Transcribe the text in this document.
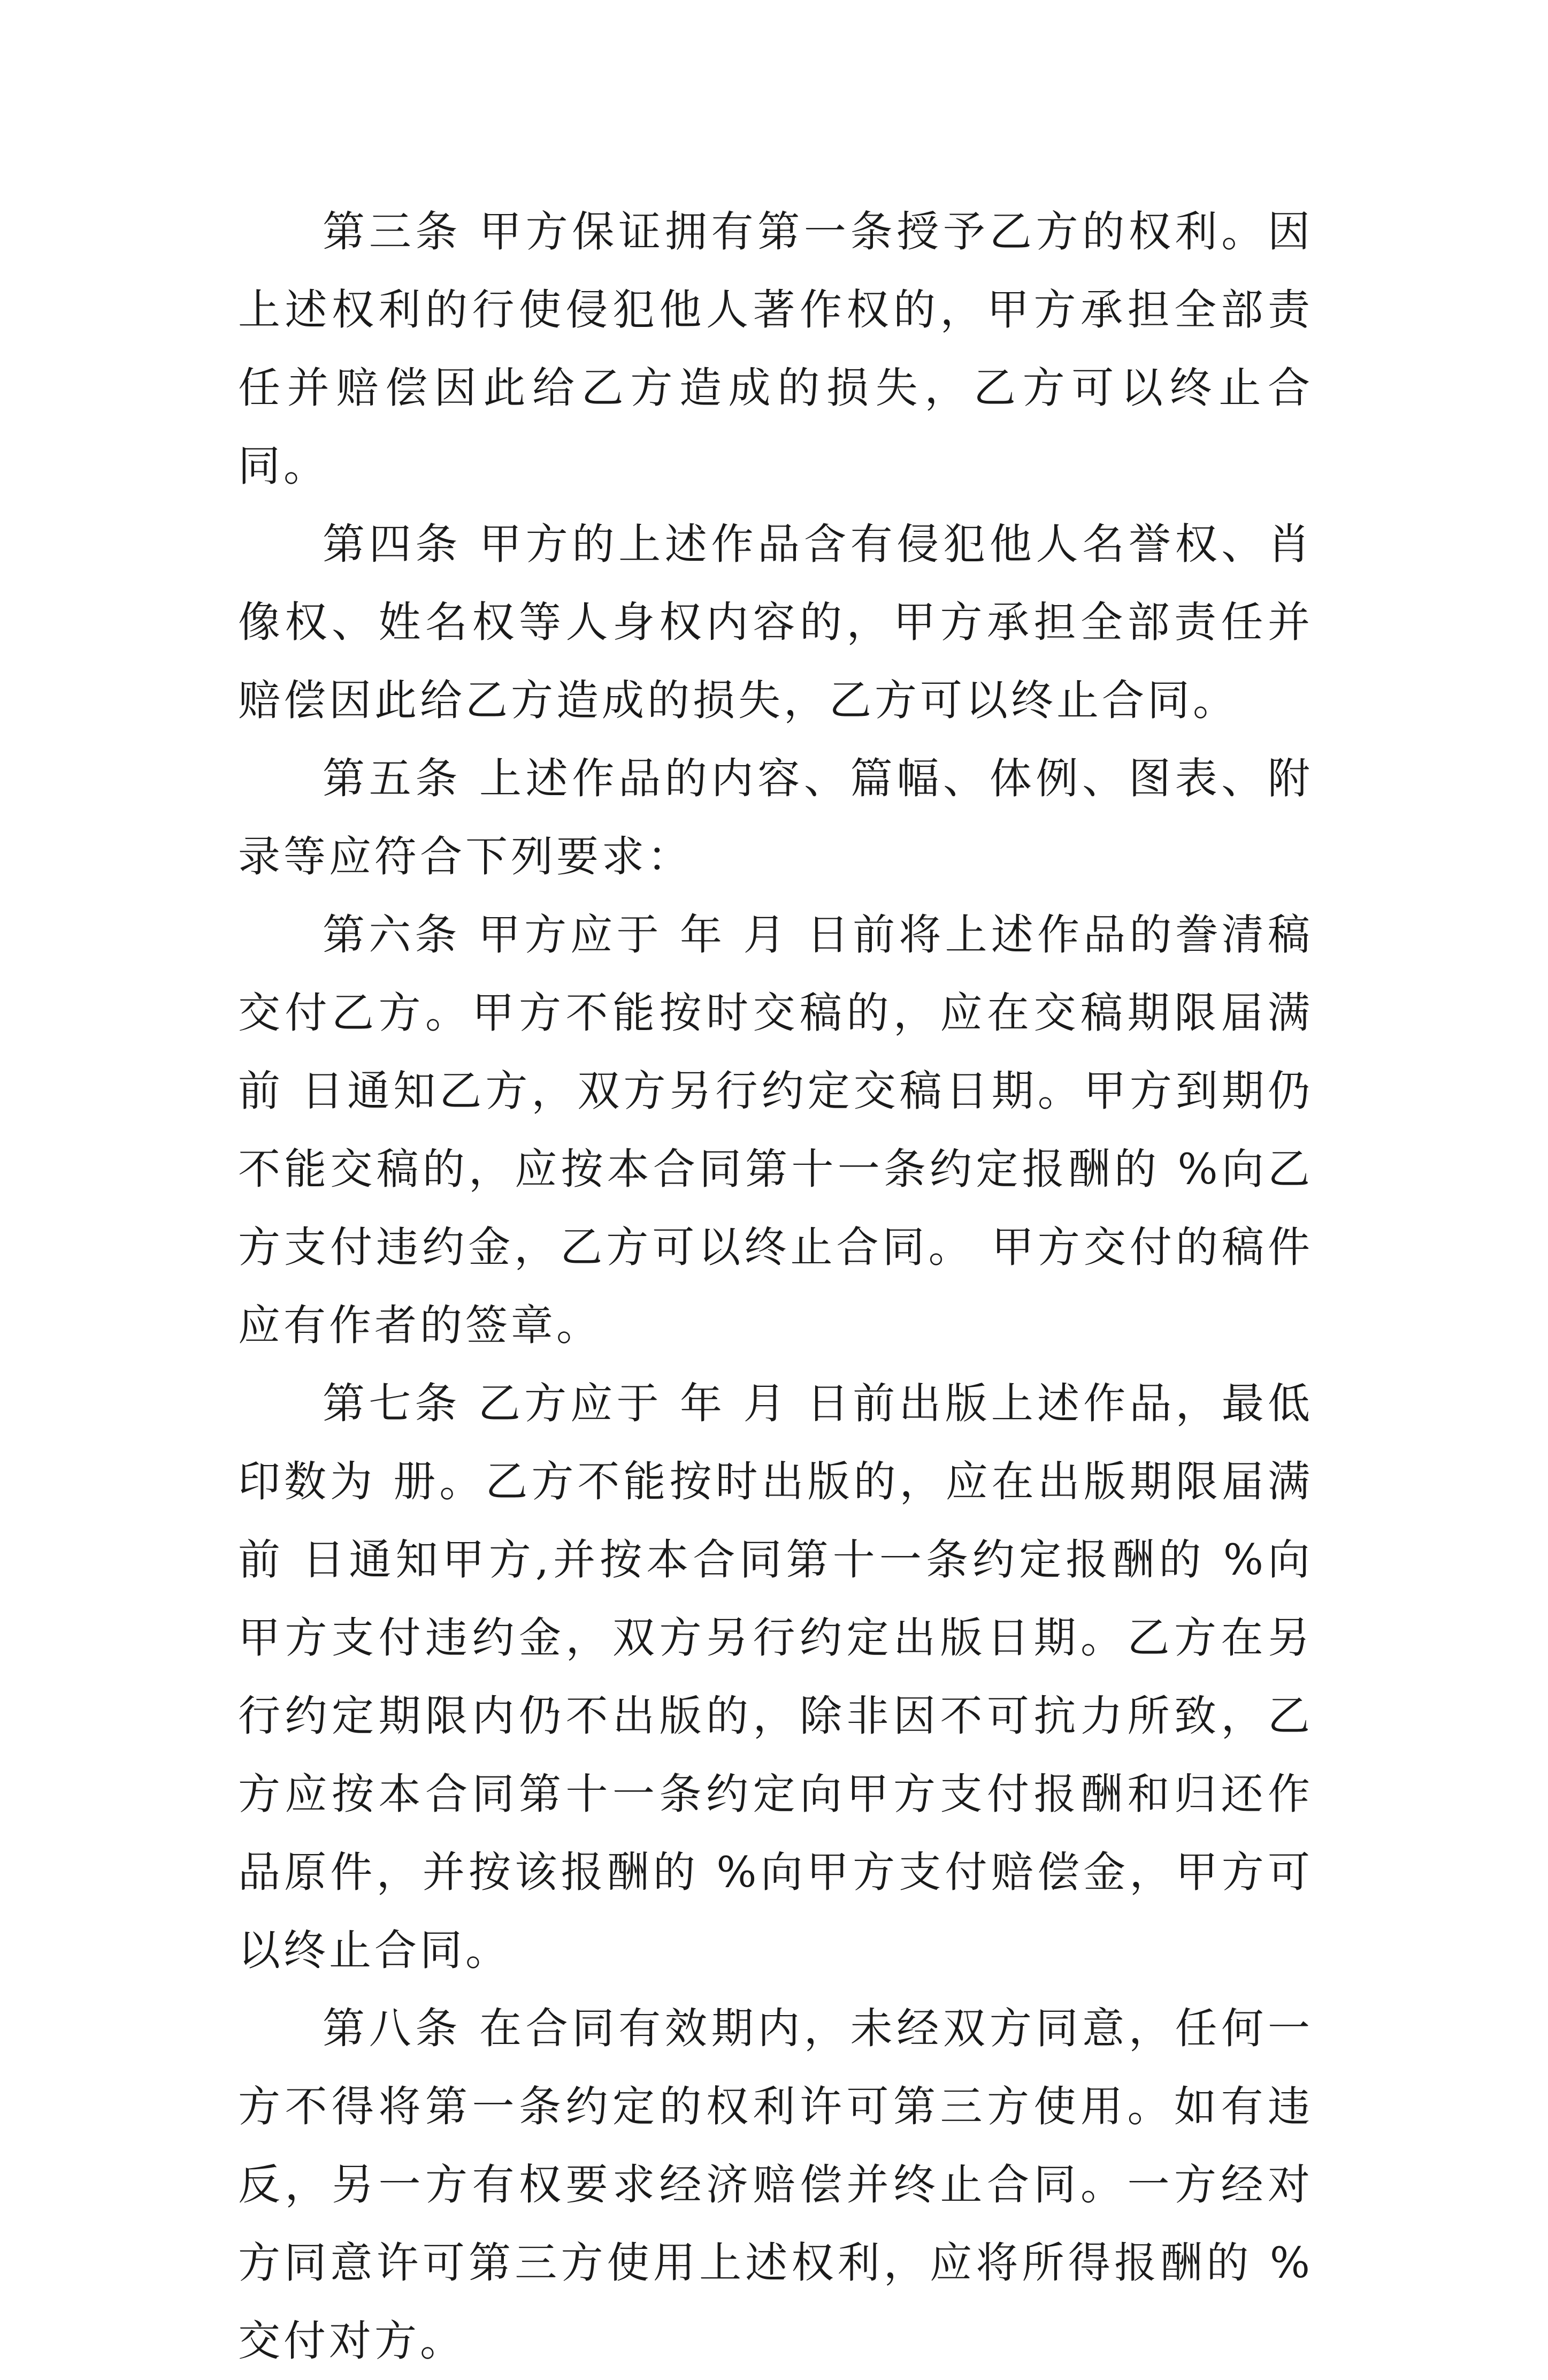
第三条 甲方保证拥有第一条授予乙方的权利。因上述权利的行使侵犯他人著作权的，甲方承担全部责任并赔偿因此给乙方造成的损失，乙方可以终止合同。

第四条 甲方的上述作品含有侵犯他人名誉权、肖像权、姓名权等人身权内容的，甲方承担全部责任并赔偿因此给乙方造成的损失，乙方可以终止合同。

第五条 上述作品的内容、篇幅、体例、图表、附录等应符合下列要求：

第六条 甲方应于 年 月 日前将上述作品的誊清稿交付乙方。甲方不能按时交稿的，应在交稿期限届满前 日通知乙方，双方另行约定交稿日期。甲方到期仍不能交稿的，应按本合同第十一条约定报酬的 %向乙方支付违约金，乙方可以终止合同。 甲方交付的稿件应有作者的签章。

第七条 乙方应于 年 月 日前出版上述作品，最低印数为 册。乙方不能按时出版的，应在出版期限届满前 日通知甲方,并按本合同第十一条约定报酬的 %向甲方支付违约金，双方另行约定出版日期。乙方在另行约定期限内仍不出版的，除非因不可抗力所致，乙方应按本合同第十一条约定向甲方支付报酬和归还作品原件，并按该报酬的 %向甲方支付赔偿金，甲方可以终止合同。

第八条 在合同有效期内，未经双方同意，任何一方不得将第一条约定的权利许可第三方使用。如有违反，另一方有权要求经济赔偿并终止合同。一方经对方同意许可第三方使用上述权利，应将所得报酬的 %交付对方。
